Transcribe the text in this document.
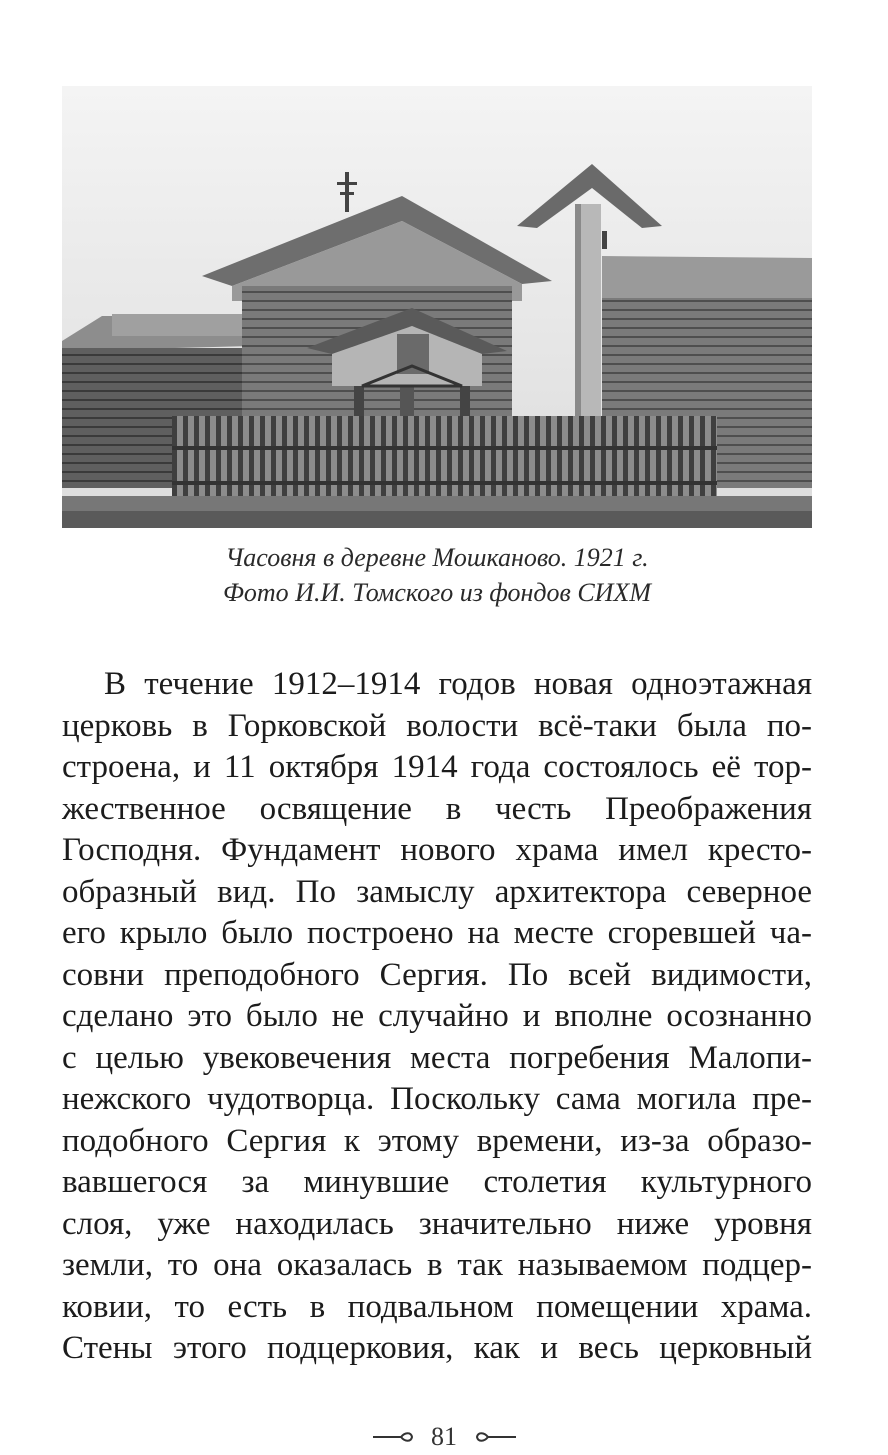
Часовня в деревне Мошканово. 1921 г.
Фото И.И. Томского из фондов СИХМ
В течение 1912–1914 годов новая одноэтажная
церковь в Горковской волости всё-таки была по-
строена, и 11 октября 1914 года состоялось её тор-
жественное освящение в честь Преображения
Господня. Фундамент нового храма имел кресто-
образный вид. По замыслу архитектора северное
его крыло было построено на месте сгоревшей ча-
совни преподобного Сергия. По всей видимости,
сделано это было не случайно и вполне осознанно
с целью увековечения места погребения Малопи-
нежского чудотворца. Поскольку сама могила пре-
подобного Сергия к этому времени, из-за образо-
вавшегося за минувшие столетия культурного
слоя, уже находилась значительно ниже уровня
земли, то она оказалась в так называемом подцер-
ковии, то есть в подвальном помещении храма.
Стены этого подцерковия, как и весь церковный
81
